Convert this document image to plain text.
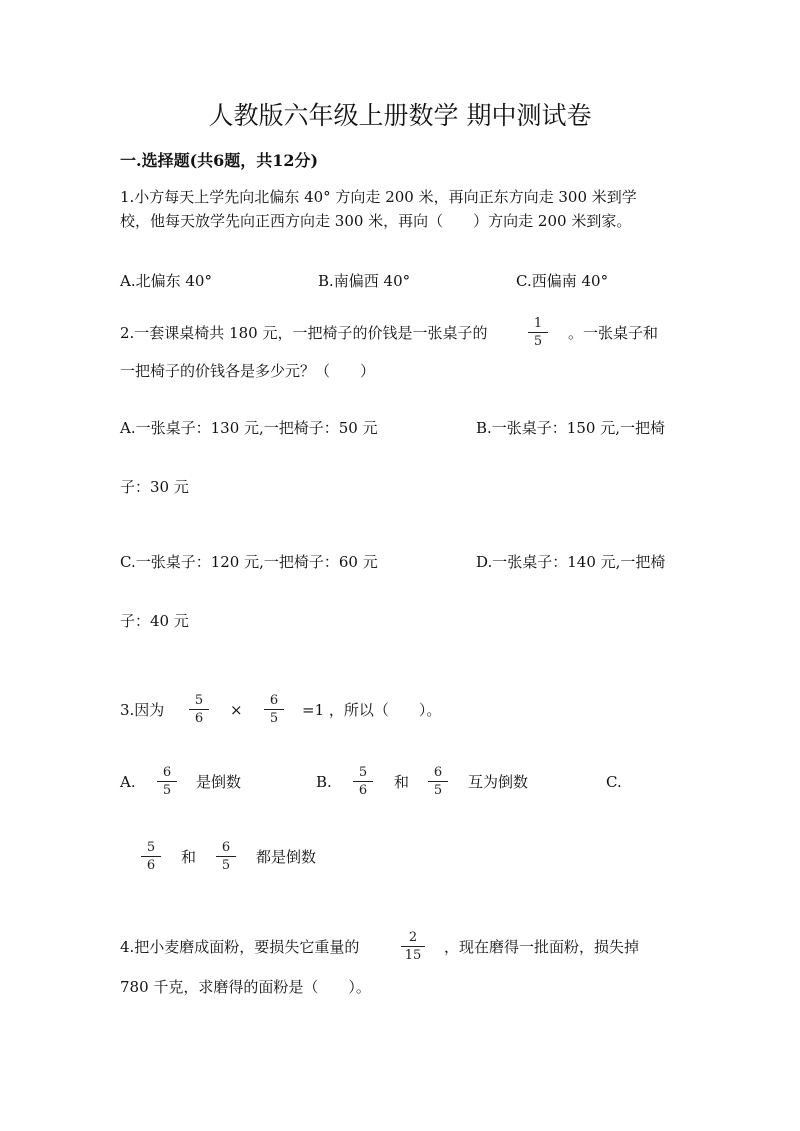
人教版六年级上册数学 期中测试卷
一.选择题(共6题，共12分)
1.小方每天上学先向北偏东 40° 方向走 200 米，再向正东方向走 300 米到学
校，他每天放学先向正西方向走 300 米，再向（　　）方向走 200 米到家。
A.北偏东 40°	B.南偏西 40°	C.西偏南 40°
2.一套课桌椅共 180 元，一把椅子的价钱是一张桌子的
1
5	。一张桌子和
一把椅子的价钱各是多少元？（　　）
A.一张桌子：130 元,一把椅子：50 元	B.一张桌子：150 元,一把椅
子：30 元
C.一张桌子：120 元,一把椅子：60 元	D.一张桌子：140 元,一把椅
子：40 元
3.因为
5
6	×
6
5	=1 ，所以（　　）。
A.
6
5	是倒数	B.
5
6	和
6
5	互为倒数	C.
5
6	和
6
5	都是倒数
4.把小麦磨成面粉，要损失它重量的
2
15	，现在磨得一批面粉，损失掉
780 千克，求磨得的面粉是（　　）。
